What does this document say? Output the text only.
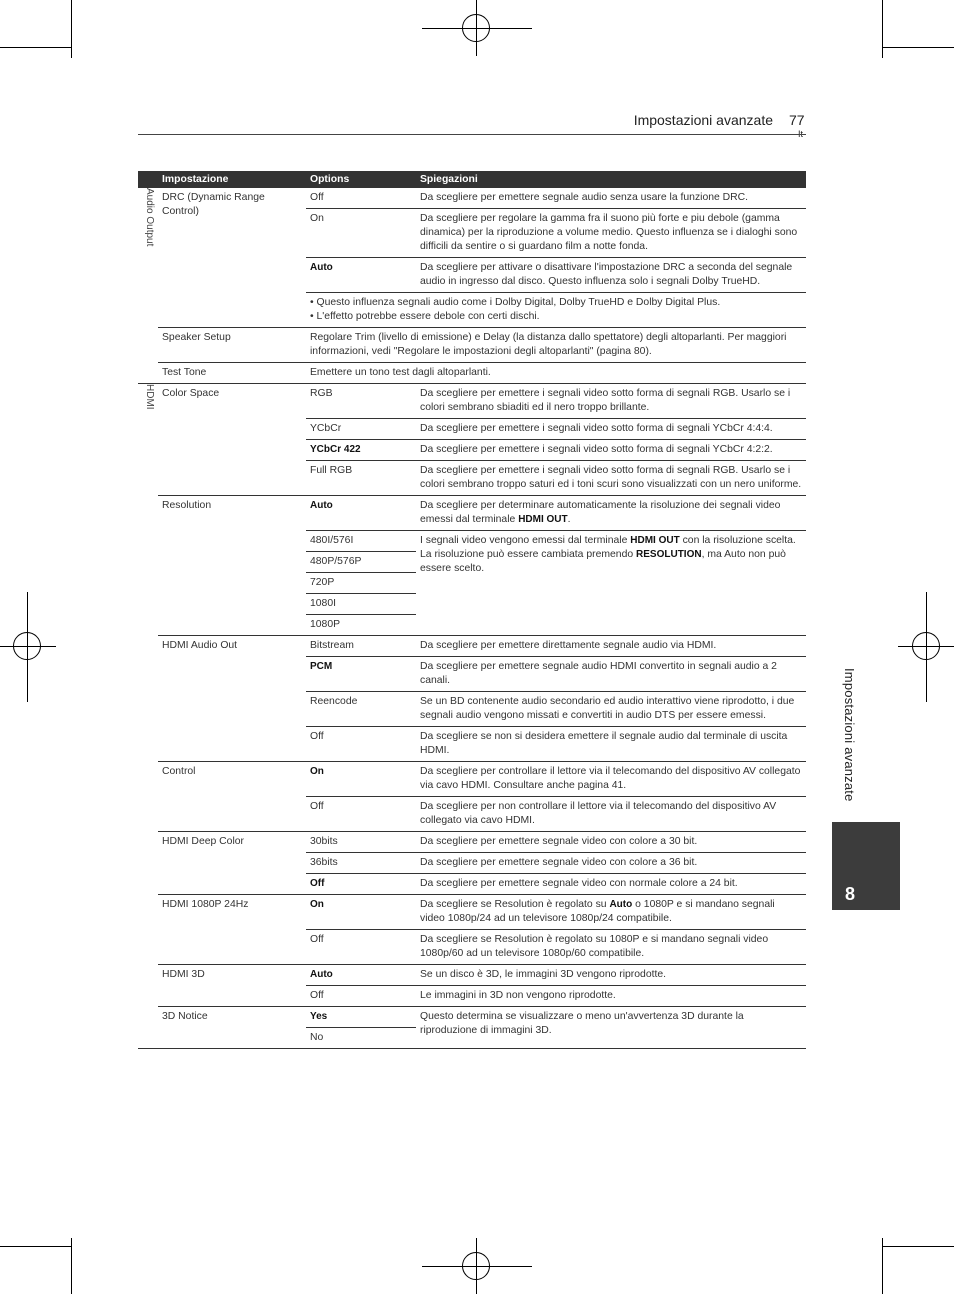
Impostazioni avanzate 77
Impostazioni avanzate
8
	Impostazione	Options	Spiegazioni

Audio Output	DRC (Dynamic Range Control)	Off	Da scegliere per emettere segnale audio senza usare la funzione DRC.
		On	Da scegliere per regolare la gamma fra il suono più forte e piu debole (gamma dinamica) per la riproduzione a volume medio. Questo influenza se i dialoghi sono difficili da sentire o si guardano film a notte fonda.
		Auto	Da scegliere per attivare o disattivare l'impostazione DRC a seconda del segnale audio in ingresso dal disco. Questo influenza solo i segnali Dolby TrueHD.

		• Questo influenza segnali audio come i Dolby Digital, Dolby TrueHD e Dolby Digital Plus.
• L'effetto potrebbe essere debole con certi dischi.	

	Speaker Setup	Regolare Trim (livello di emissione) e Delay (la distanza dallo spettatore) degli altoparlanti. Per maggiori informazioni, vedi "Regolare le impostazioni degli altoparlanti" (pagina 80).	
	Test Tone	Emettere un tono test dagli altoparlanti.	

HDMI	Color Space	RGB	Da scegliere per emettere i segnali video sotto forma di segnali RGB. Usarlo se i colori sembrano sbiaditi ed il nero troppo brillante.
		YCbCr	Da scegliere per emettere i segnali video sotto forma di segnali YCbCr 4:4:4.
		YCbCr 422	Da scegliere per emettere i segnali video sotto forma di segnali YCbCr 4:2:2.
		Full RGB	Da scegliere per emettere i segnali video sotto forma di segnali RGB. Usarlo se i colori sembrano troppo saturi ed i toni scuri sono visualizzati con un nero uniforme.
	Resolution	Auto	Da scegliere per determinare automaticamente la risoluzione dei segnali video emessi dal terminale HDMI OUT.
		480I/576I	I segnali video vengono emessi dal terminale HDMI OUT con la risoluzione scelta.
La risoluzione può essere cambiata premendo RESOLUTION, ma Auto non può essere scelto.

		480P/576P	
		720P	
		1080I	
		1080P	
	HDMI Audio Out	Bitstream	Da scegliere per emettere direttamente segnale audio via HDMI.
		PCM	Da scegliere per emettere segnale audio HDMI convertito in segnali audio a 2 canali.
		Reencode	Se un BD contenente audio secondario ed audio interattivo viene riprodotto, i due segnali audio vengono missati e convertiti in audio DTS per essere emessi.
		Off	Da scegliere se non si desidera emettere il segnale audio dal terminale di uscita HDMI.
	Control	On	Da scegliere per controllare il lettore via il telecomando del dispositivo AV collegato via cavo HDMI. Consultare anche pagina 41.
		Off	Da scegliere per non controllare il lettore via il telecomando del dispositivo AV collegato via cavo HDMI.
	HDMI Deep Color	30bits	Da scegliere per emettere segnale video con colore a 30 bit.
		36bits	Da scegliere per emettere segnale video con colore a 36 bit.
		Off	Da scegliere per emettere segnale video con normale colore a 24 bit.
	HDMI 1080P 24Hz	On	Da scegliere se Resolution è regolato su Auto o 1080P e si mandano segnali video 1080p/24 ad un televisore 1080p/24 compatibile.
		Off	Da scegliere se Resolution è regolato su 1080P e si mandano segnali video 1080p/60 ad un televisore 1080p/60 compatibile.
	HDMI 3D	Auto	Se un disco è 3D, le immagini 3D vengono riprodotte.
		Off	Le immagini in 3D non vengono riprodotte.
	3D Notice	Yes	Questo determina se visualizzare o meno un'avvertenza 3D durante la riproduzione di immagini 3D.
		No	
